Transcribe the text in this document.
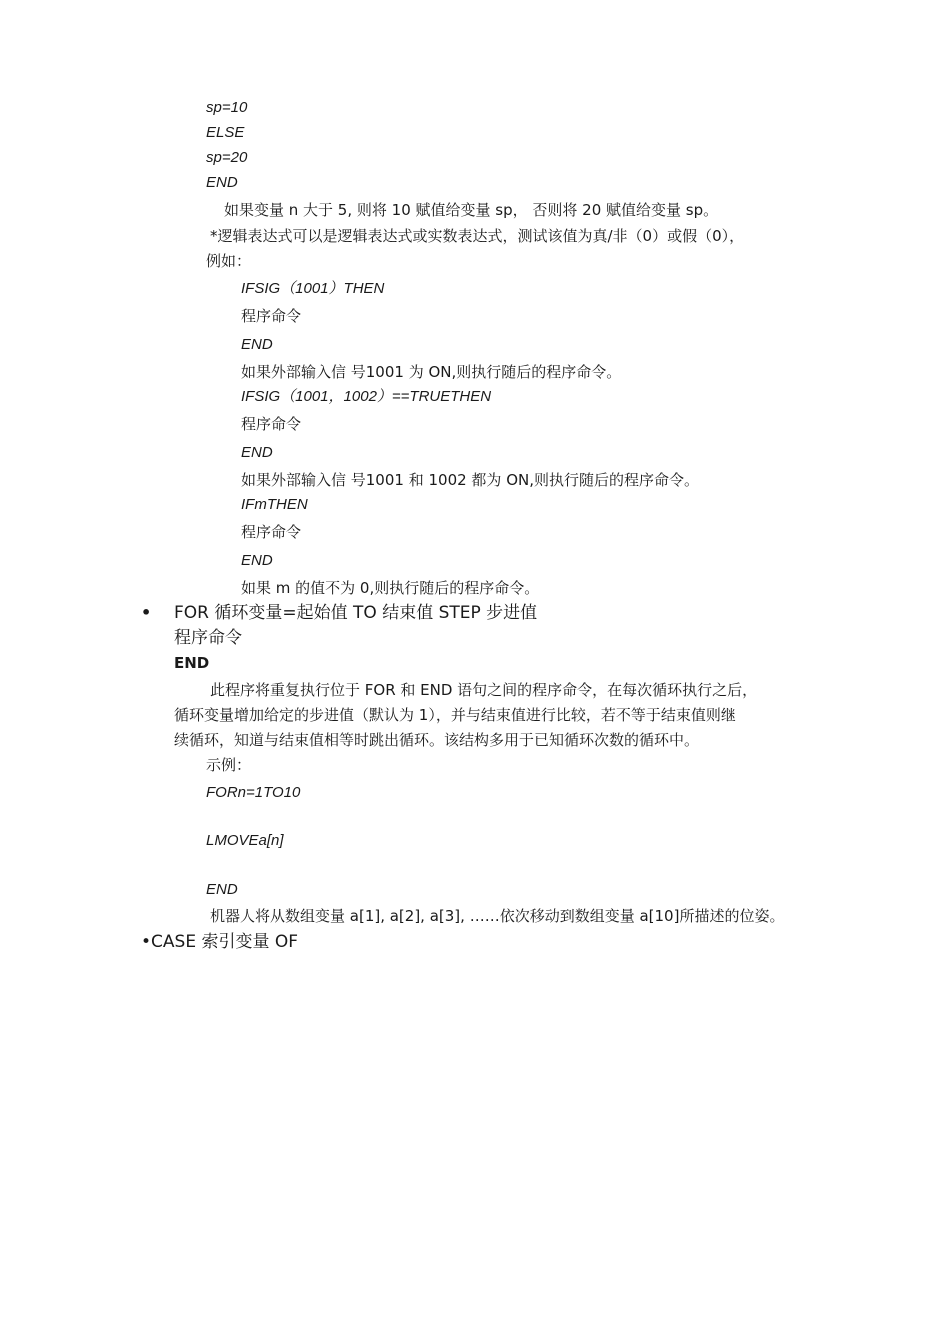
sp=10
ELSE
sp=20
END
如果变量 n 大于 5, 则将 10 赋值给变量 sp， 否则将 20 赋值给变量 sp。
*逻辑表达式可以是逻辑表达式或实数表达式，测试该值为真/非（0）或假（0），
例如：
IFSIG（1001）THEN
程序命令
END
如果外部输入信 号1001 为 ON,则执行随后的程序命令。
IFSIG（1001，1002）==TRUETHEN
程序命令
END
如果外部输入信 号1001 和 1002 都为 ON,则执行随后的程序命令。
IFmTHEN
程序命令
END
如果 m 的值不为 0,则执行随后的程序命令。
• FOR 循环变量=起始值 TO 结束值 STEP 步进值
程序命令
END
此程序将重复执行位于 FOR 和 END 语句之间的程序命令，在每次循环执行之后，
循环变量增加给定的步进值（默认为 1），并与结束值进行比较，若不等于结束值则继
续循环，知道与结束值相等时跳出循环。该结构多用于已知循环次数的循环中。
示例：
FORn=1TO10
LMOVEa[n]
END
机器人将从数组变量 a[1], a[2], a[3], ……依次移动到数组变量 a[10]所描述的位姿。
•CASE 索引变量 OF
